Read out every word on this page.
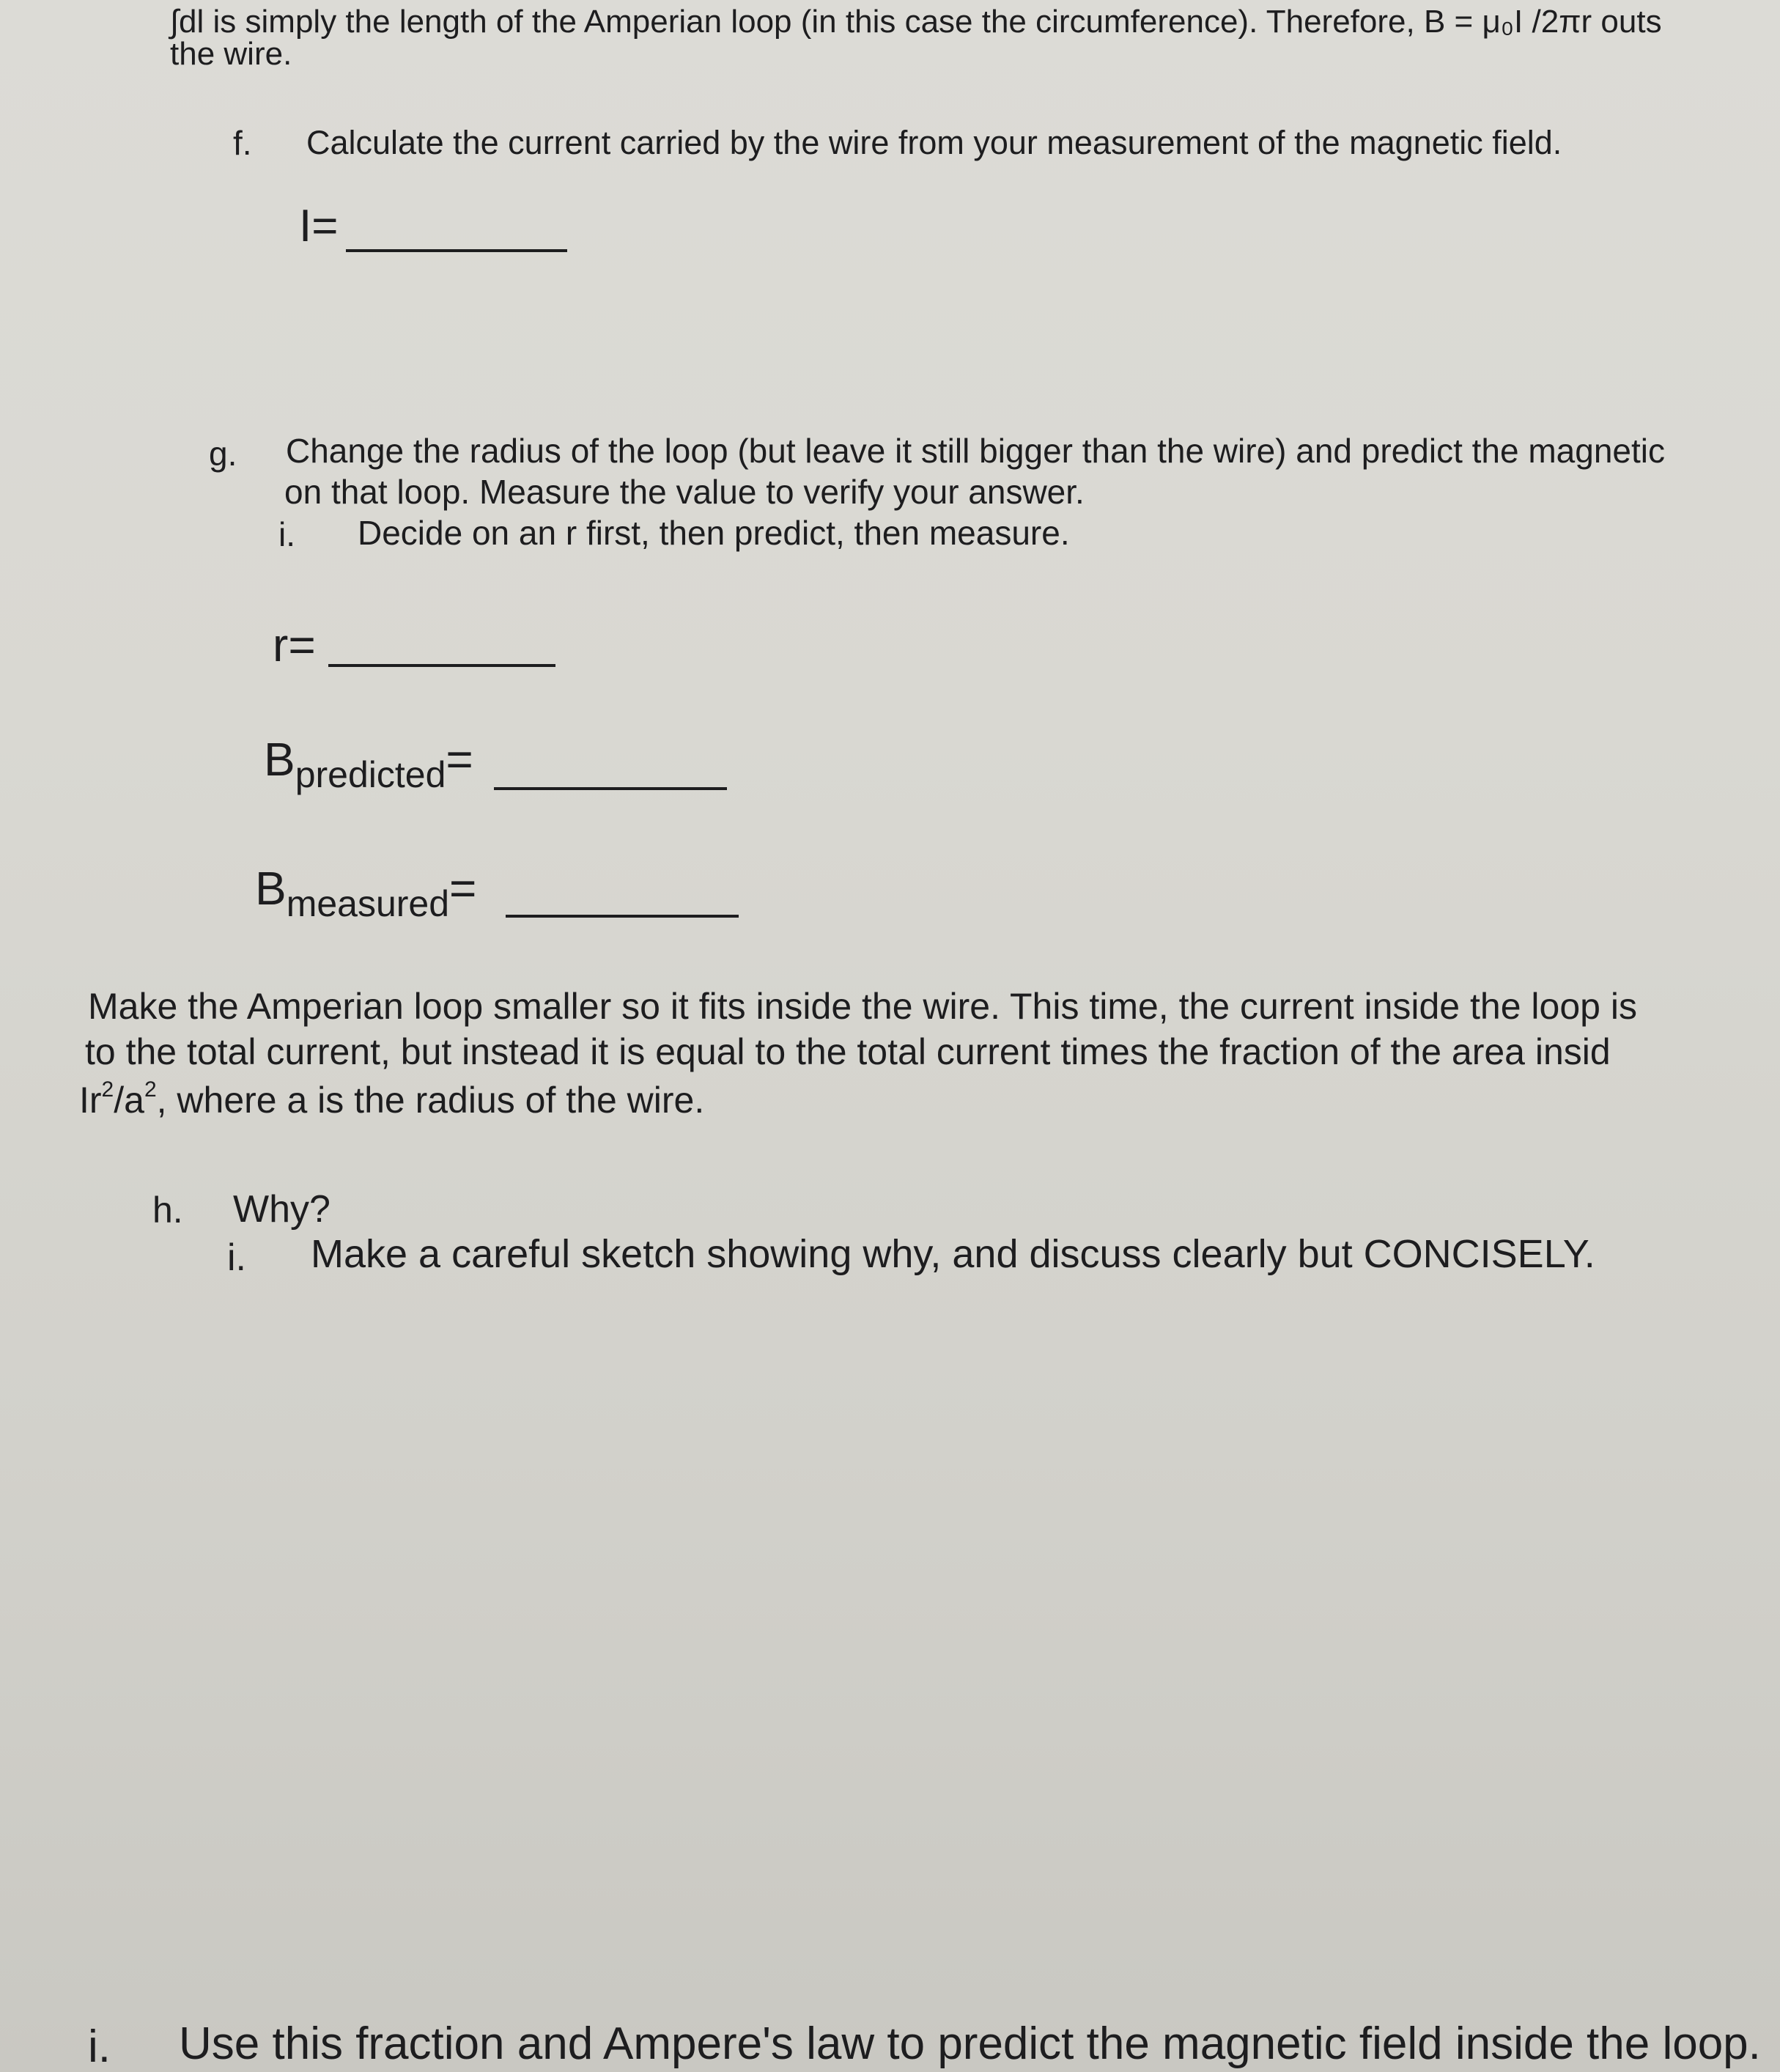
∫dl is simply the length of the Amperian loop (in this case the circumference). Therefore, B = μ₀I /2πr outs
the wire.
f. Calculate the current carried by the wire from your measurement of the magnetic field.
I=
g. Change the radius of the loop (but leave it still bigger than the wire) and predict the magnetic
on that loop. Measure the value to verify your answer.
i. Decide on an r first, then predict, then measure.
r=
$B_{predicted}=$
$B_{measured}=$
Make the Amperian loop smaller so it fits inside the wire. This time, the current inside the loop is
to the total current, but instead it is equal to the total current times the fraction of the area insid
$Ir^2/a^2$, where a is the radius of the wire.
h. Why?
i. Make a careful sketch showing why, and discuss clearly but CONCISELY.
i. Use this fraction and Ampere's law to predict the magnetic field inside the loop.
